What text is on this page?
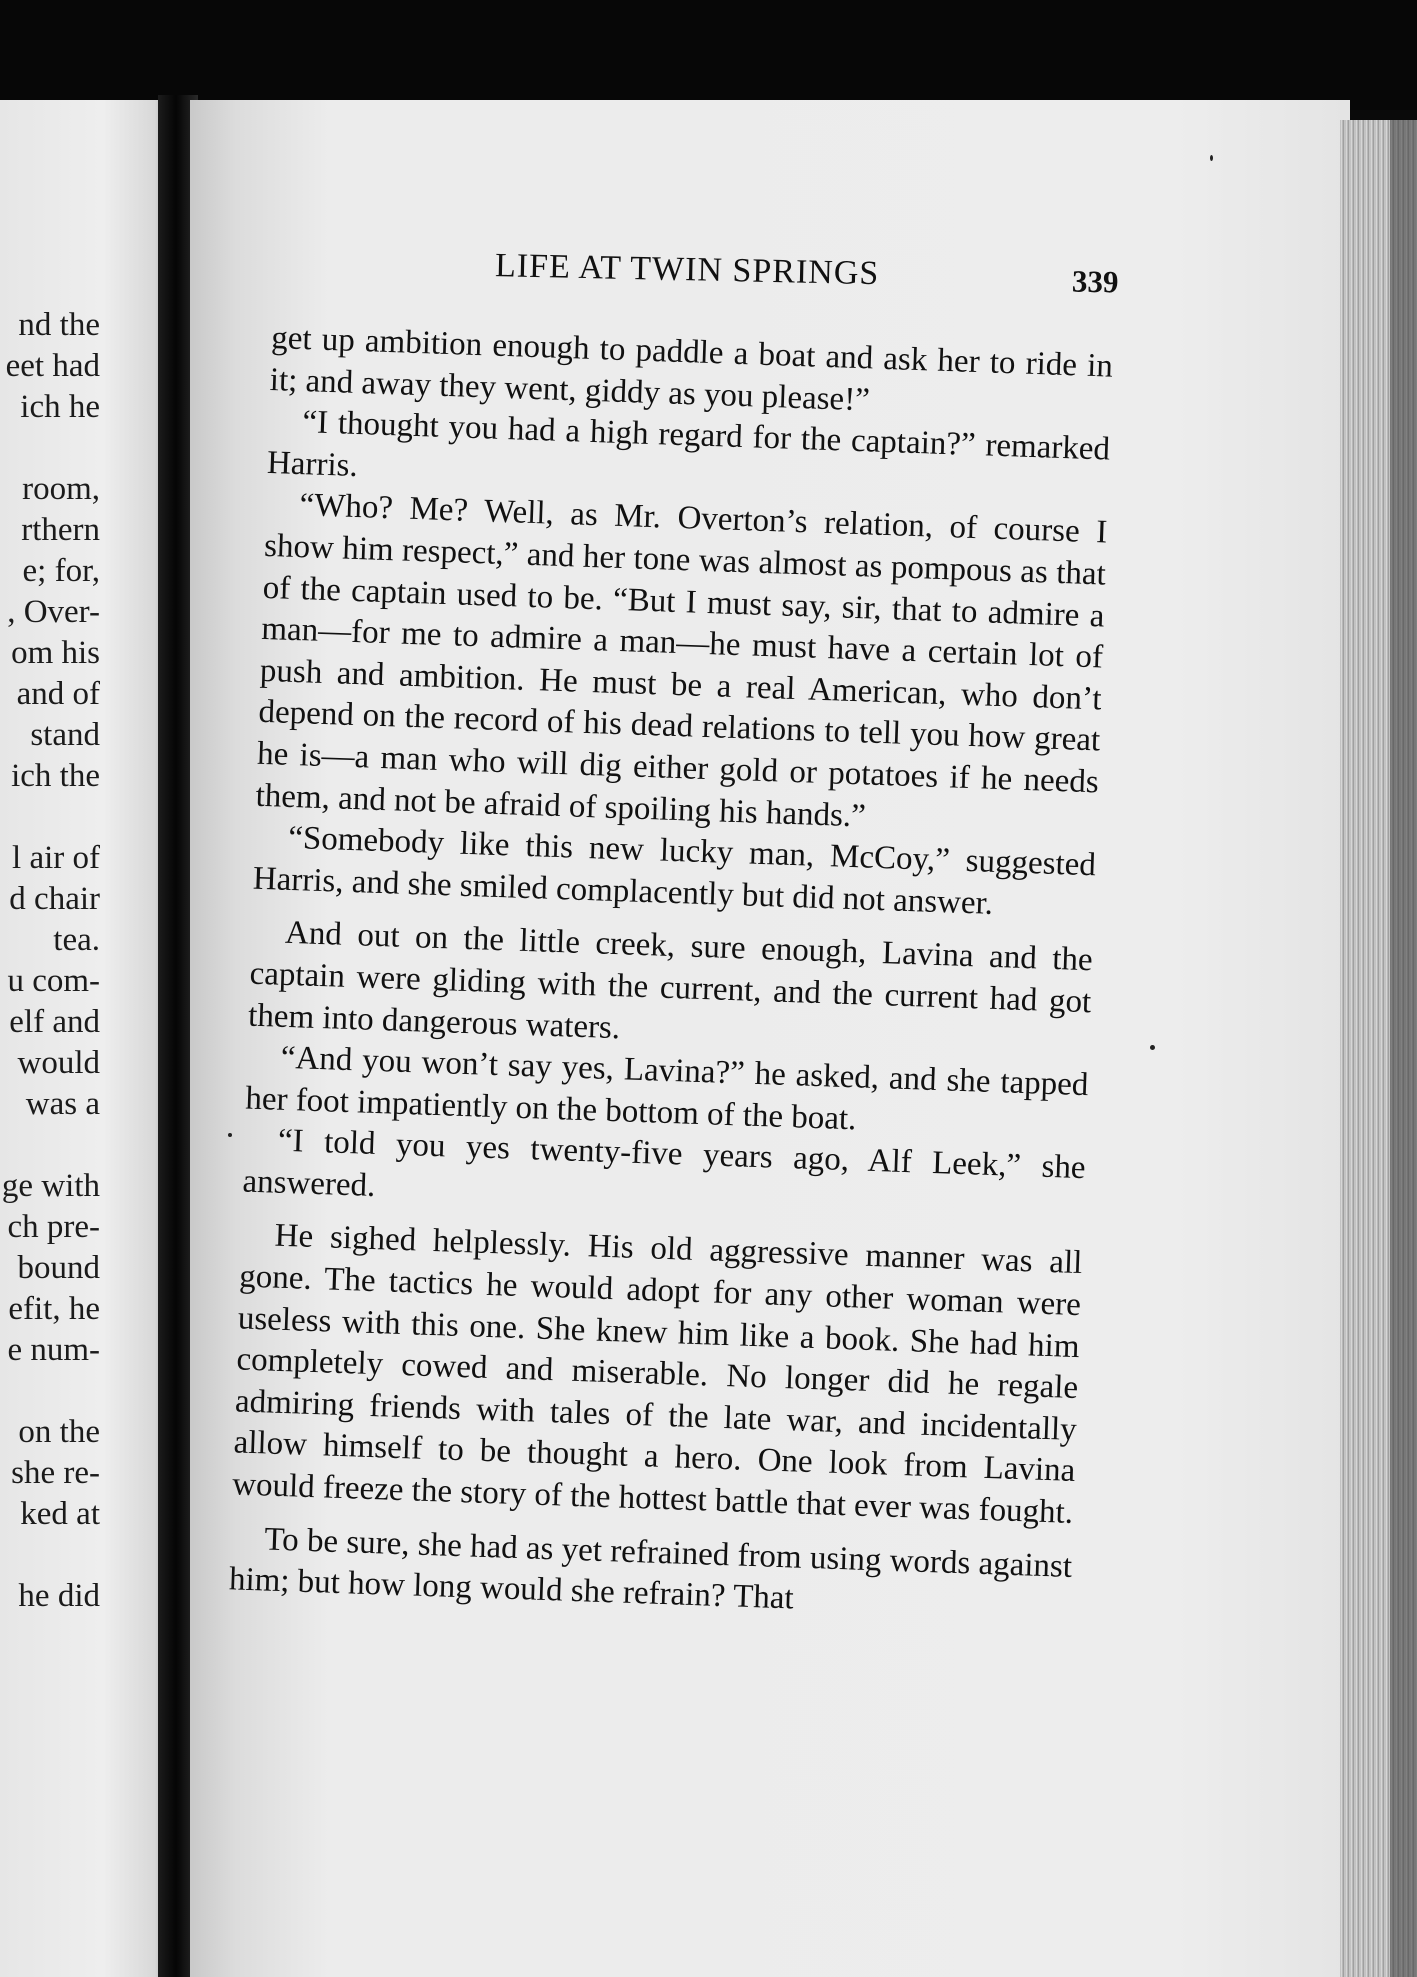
nd the
eet had
ich he
room,
rthern
e; for,
, Over-
om his
and of
stand
ich the
l air of
d chair
tea.
u com-
elf and
would
was a
ge with
ch pre-
bound
efit, he
e num-
on the
she re-
ked at
he did
LIFE AT TWIN SPRINGS	339

get up ambition enough to paddle a boat and ask her to ride in it; and away they went, giddy as you please!”

“I thought you had a high regard for the captain?” remarked Harris.

“Who? Me? Well, as Mr. Overton’s relation, of course I show him respect,” and her tone was almost as pompous as that of the captain used to be. “But I must say, sir, that to admire a man—for me to admire a man—he must have a certain lot of push and ambition. He must be a real American, who don’t depend on the record of his dead relations to tell you how great he is—a man who will dig either gold or potatoes if he needs them, and not be afraid of spoiling his hands.”

“Somebody like this new lucky man, McCoy,” suggested Harris, and she smiled complacently but did not answer.

And out on the little creek, sure enough, Lavina and the captain were gliding with the current, and the current had got them into dangerous waters.

“And you won’t say yes, Lavina?” he asked, and she tapped her foot impatiently on the bottom of the boat.

“I told you yes twenty-five years ago, Alf Leek,” she answered.

He sighed helplessly. His old aggressive manner was all gone. The tactics he would adopt for any other woman were useless with this one. She knew him like a book. She had him completely cowed and miserable. No longer did he regale admiring friends with tales of the late war, and incidentally allow himself to be thought a hero. One look from Lavina would freeze the story of the hottest battle that ever was fought.

To be sure, she had as yet refrained from using words against him; but how long would she refrain? That
